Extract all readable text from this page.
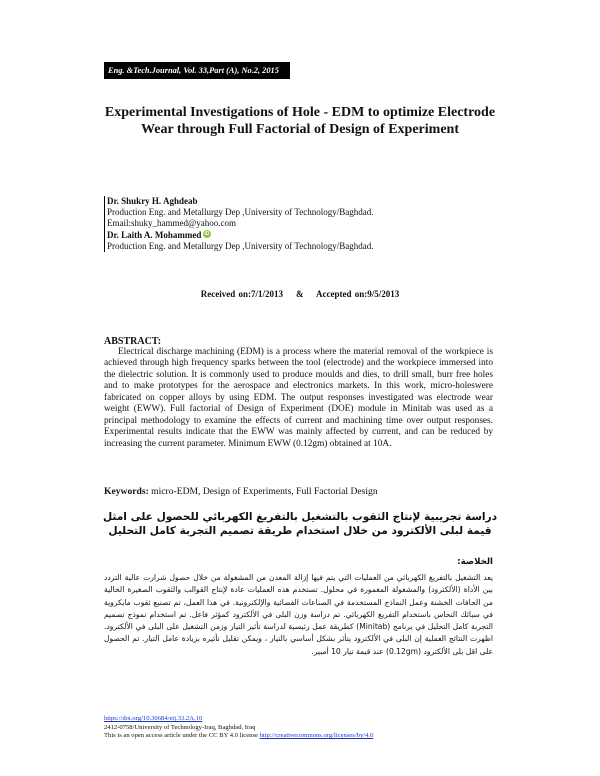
Eng. &Tech.Journal, Vol. 33,Part (A), No.2, 2015
Experimental Investigations of Hole - EDM to optimize Electrode Wear through Full Factorial of Design of Experiment
Dr. Shukry H. Aghdeab
Production Eng. and Metallurgy Dep ,University of Technology/Baghdad.
Email:shuky_hammed@yahoo.com
Dr. Laith A. MohammediD
Production Eng. and Metallurgy Dep ,University of Technology/Baghdad.
Received on:7/1/2013 & Accepted on:9/5/2013
ABSTRACT:
Electrical discharge machining (EDM) is a process where the material removal of the workpiece is achieved through high frequency sparks between the tool (electrode) and the workpiece immersed into the dielectric solution. It is commonly used to produce moulds and dies, to drill small, burr free holes and to make prototypes for the aerospace and electronics markets. In this work, micro-holeswere fabricated on copper alloys by using EDM. The output responses investigated was electrode wear weight (EWW). Full factorial of Design of Experiment (DOE) module in Minitab was used as a principal methodology to examine the effects of current and machining time over output responses. Experimental results indicate that the EWW was mainly affected by current, and can be reduced by increasing the current parameter. Minimum EWW (0.12gm) obtained at 10A.
Keywords: micro-EDM, Design of Experiments, Full Factorial Design
دراسة تجريبية لإنتاج الثقوب بالتشغيل بالتفريغ الكهربائي للحصول على امثل قيمة لبلى الألكترود من خلال استخدام طريقة تصميم التجربة كامل التحليل
الخلاصة:
يعد التشغيل بالتفريغ الكهربائي من العمليات التي يتم فيها إزالة المعدن من المشغولة من خلال حصول شرارت عالية التردد بين الأداة (الألكترود) والمشغولة المغمورة في محلول. تستخدم هذه العمليات عادة لإنتاج القوالب والثقوب الصغيرة الخالية من الحافات الخشنة وعمل النماذج المستخدمة في الصناعات الفضائية والإلكترونية. في هذا العمل، تم تصنيع ثقوب مايكروية في سبائك النحاس باستخدام التفريغ الكهربائي. تم دراسة وزن البلى في الألكترود كمؤثر فاعل. تم استخدام نموذج تصميم التجربة كامل التحليل في برنامج (Minitab) كطريقة عمل رئيسية لدراسة تأثير التيار وزمن التشغيل على البلى في الألكترود. اظهرت النتائج العملية إن البلى في الألكترود يتأثر بشكل أساسي بالتيار ، ويمكن تقليل تأثيره بزيادة عامل التيار. تم الحصول على اقل بلى الألكترود (0.12gm) عند قيمة تيار 10 أمبير.
https://doi.org/10.30684/etj.33.2A.10
2412-0758/University of Technology-Iraq, Baghdad, Iraq
This is an open access article under the CC BY 4.0 license http://creativecommons.org/licenses/by/4.0
